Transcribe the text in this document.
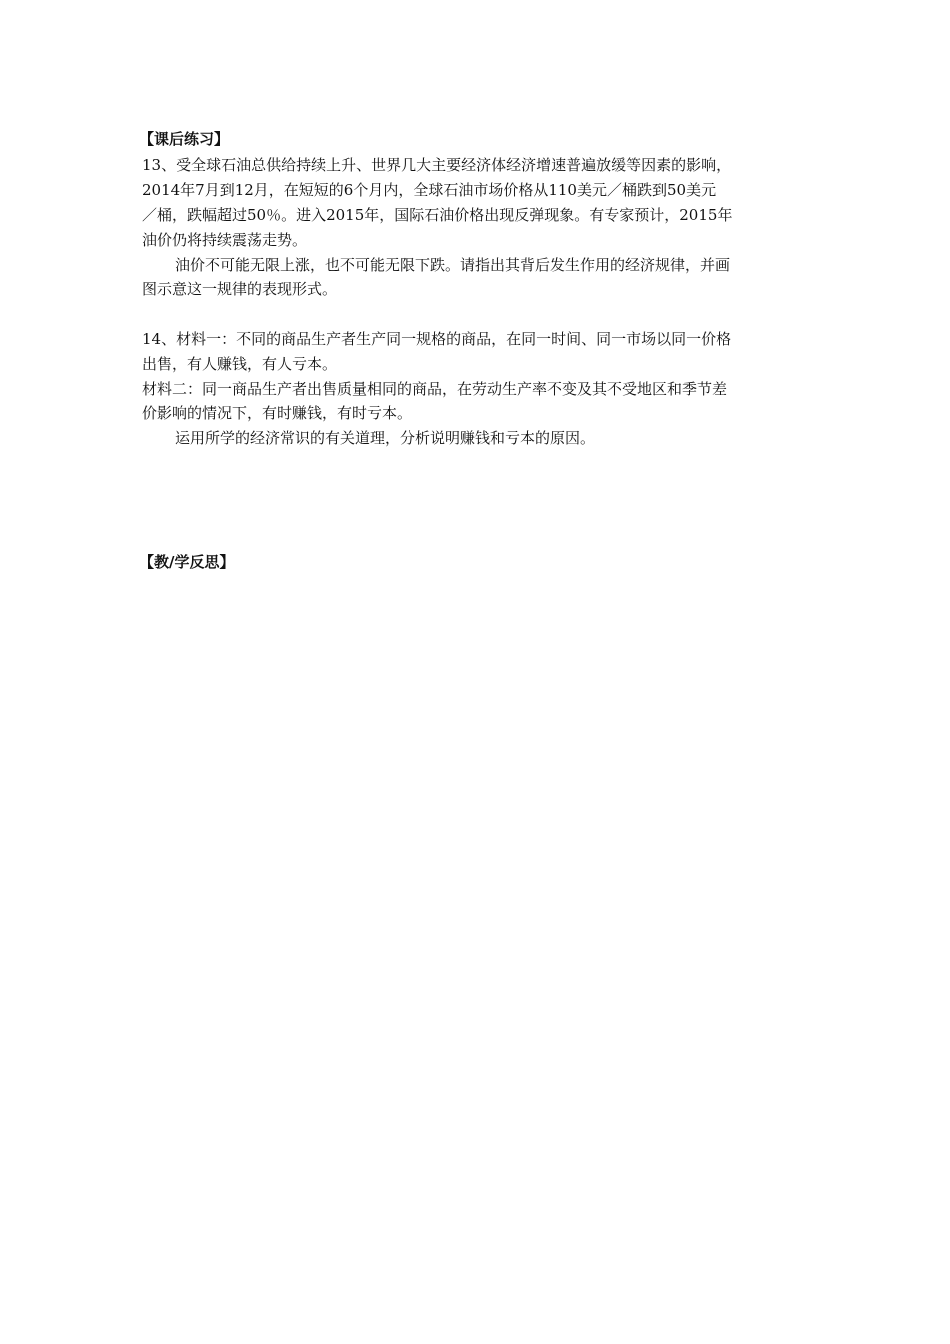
【课后练习】
13、受全球石油总供给持续上升、世界几大主要经济体经济增速普遍放缓等因素的影响，
2014年7月到12月，在短短的6个月内，全球石油市场价格从110美元／桶跌到50美元
／桶，跌幅超过50％。进入2015年，国际石油价格出现反弹现象。有专家预计，2015年
油价仍将持续震荡走势。
油价不可能无限上涨，也不可能无限下跌。请指出其背后发生作用的经济规律，并画
图示意这一规律的表现形式。
14、材料一：不同的商品生产者生产同一规格的商品，在同一时间、同一市场以同一价格
出售，有人赚钱，有人亏本。
材料二：同一商品生产者出售质量相同的商品，在劳动生产率不变及其不受地区和季节差
价影响的情况下，有时赚钱，有时亏本。
运用所学的经济常识的有关道理，分析说明赚钱和亏本的原因。
【教/学反思】
